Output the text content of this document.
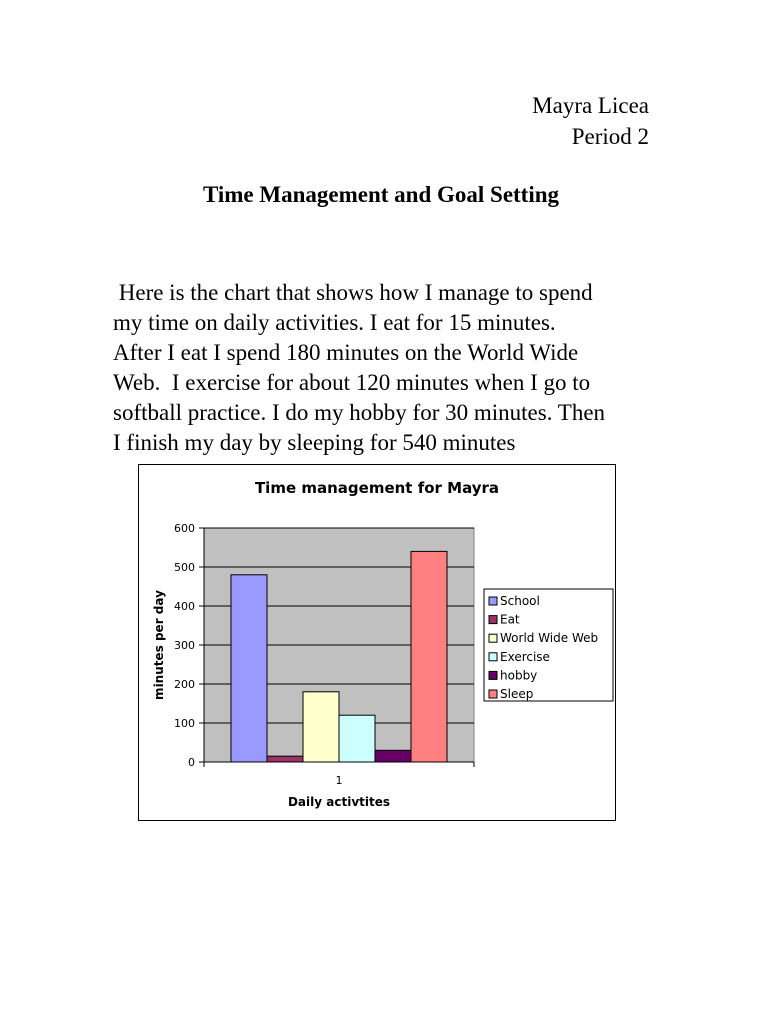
Mayra Licea
Period 2
Time Management and Goal Setting
Here is the chart that shows how I manage to spend
my time on daily activities. I eat for 15 minutes.
After I eat I spend 180 minutes on the World Wide
Web.  I exercise for about 120 minutes when I go to
softball practice. I do my hobby for 30 minutes. Then
I finish my day by sleeping for 540 minutes
Time management for Mayra
0
100
200
300
400
500
600
1
Daily activtites
minutes per day	School
Eat
World Wide Web
Exercise
hobby
Sleep
